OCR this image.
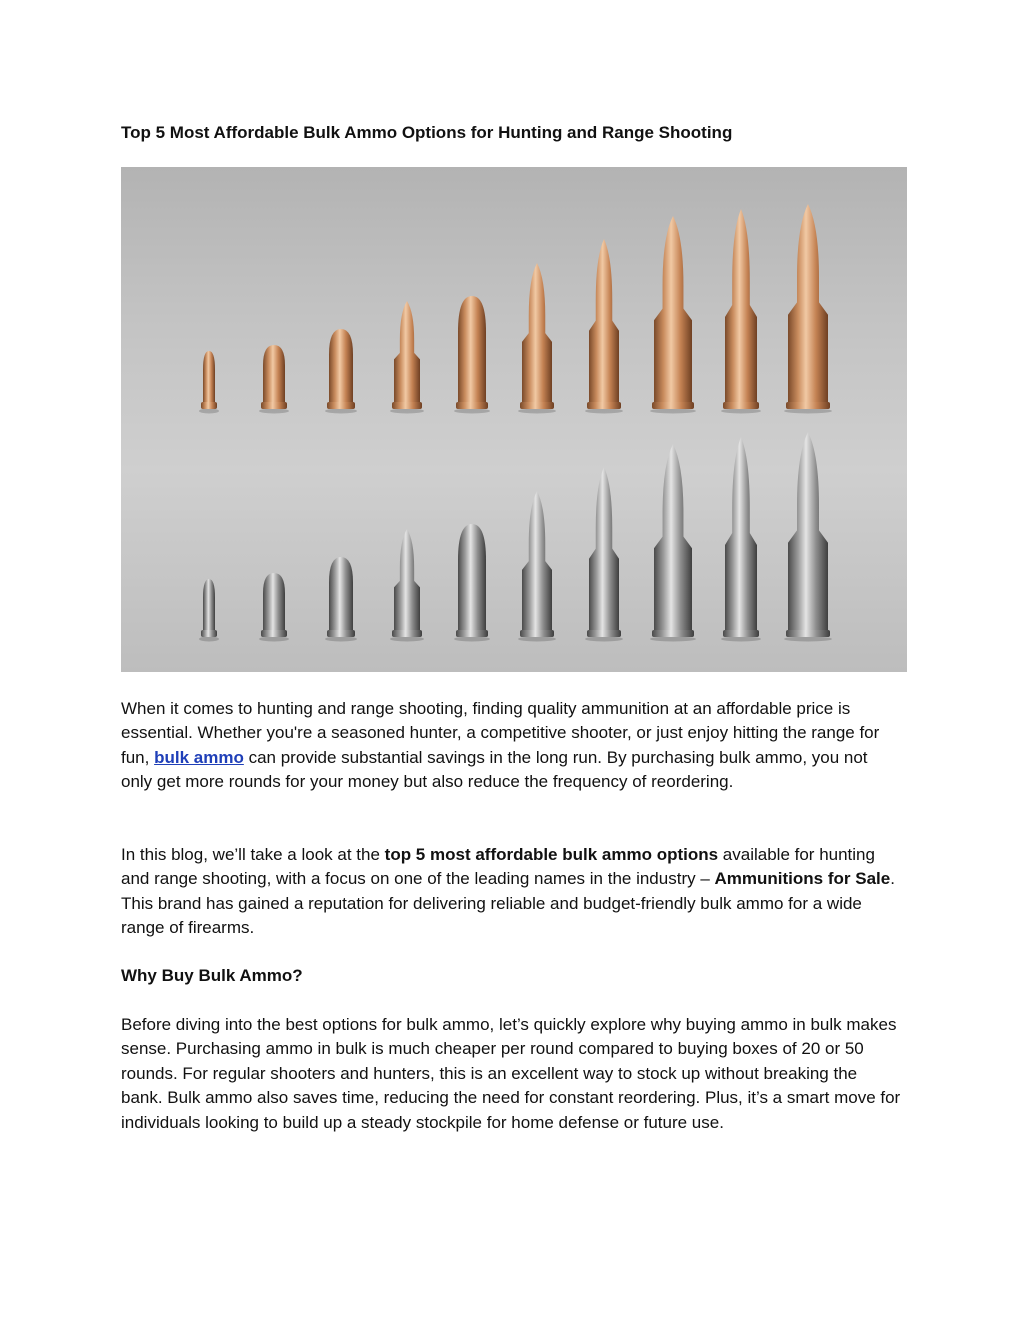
Top 5 Most Affordable Bulk Ammo Options for Hunting and Range Shooting

When it comes to hunting and range shooting, finding quality ammunition at an affordable price is essential. Whether you're a seasoned hunter, a competitive shooter, or just enjoy hitting the range for fun, bulk ammo can provide substantial savings in the long run. By purchasing bulk ammo, you not only get more rounds for your money but also reduce the frequency of reordering.

In this blog, we’ll take a look at the top 5 most affordable bulk ammo options available for hunting and range shooting, with a focus on one of the leading names in the industry – Ammunitions for Sale. This brand has gained a reputation for delivering reliable and budget-friendly bulk ammo for a wide range of firearms.

Why Buy Bulk Ammo?

Before diving into the best options for bulk ammo, let’s quickly explore why buying ammo in bulk makes sense. Purchasing ammo in bulk is much cheaper per round compared to buying boxes of 20 or 50 rounds. For regular shooters and hunters, this is an excellent way to stock up without breaking the bank. Bulk ammo also saves time, reducing the need for constant reordering. Plus, it’s a smart move for individuals looking to build up a steady stockpile for home defense or future use.
